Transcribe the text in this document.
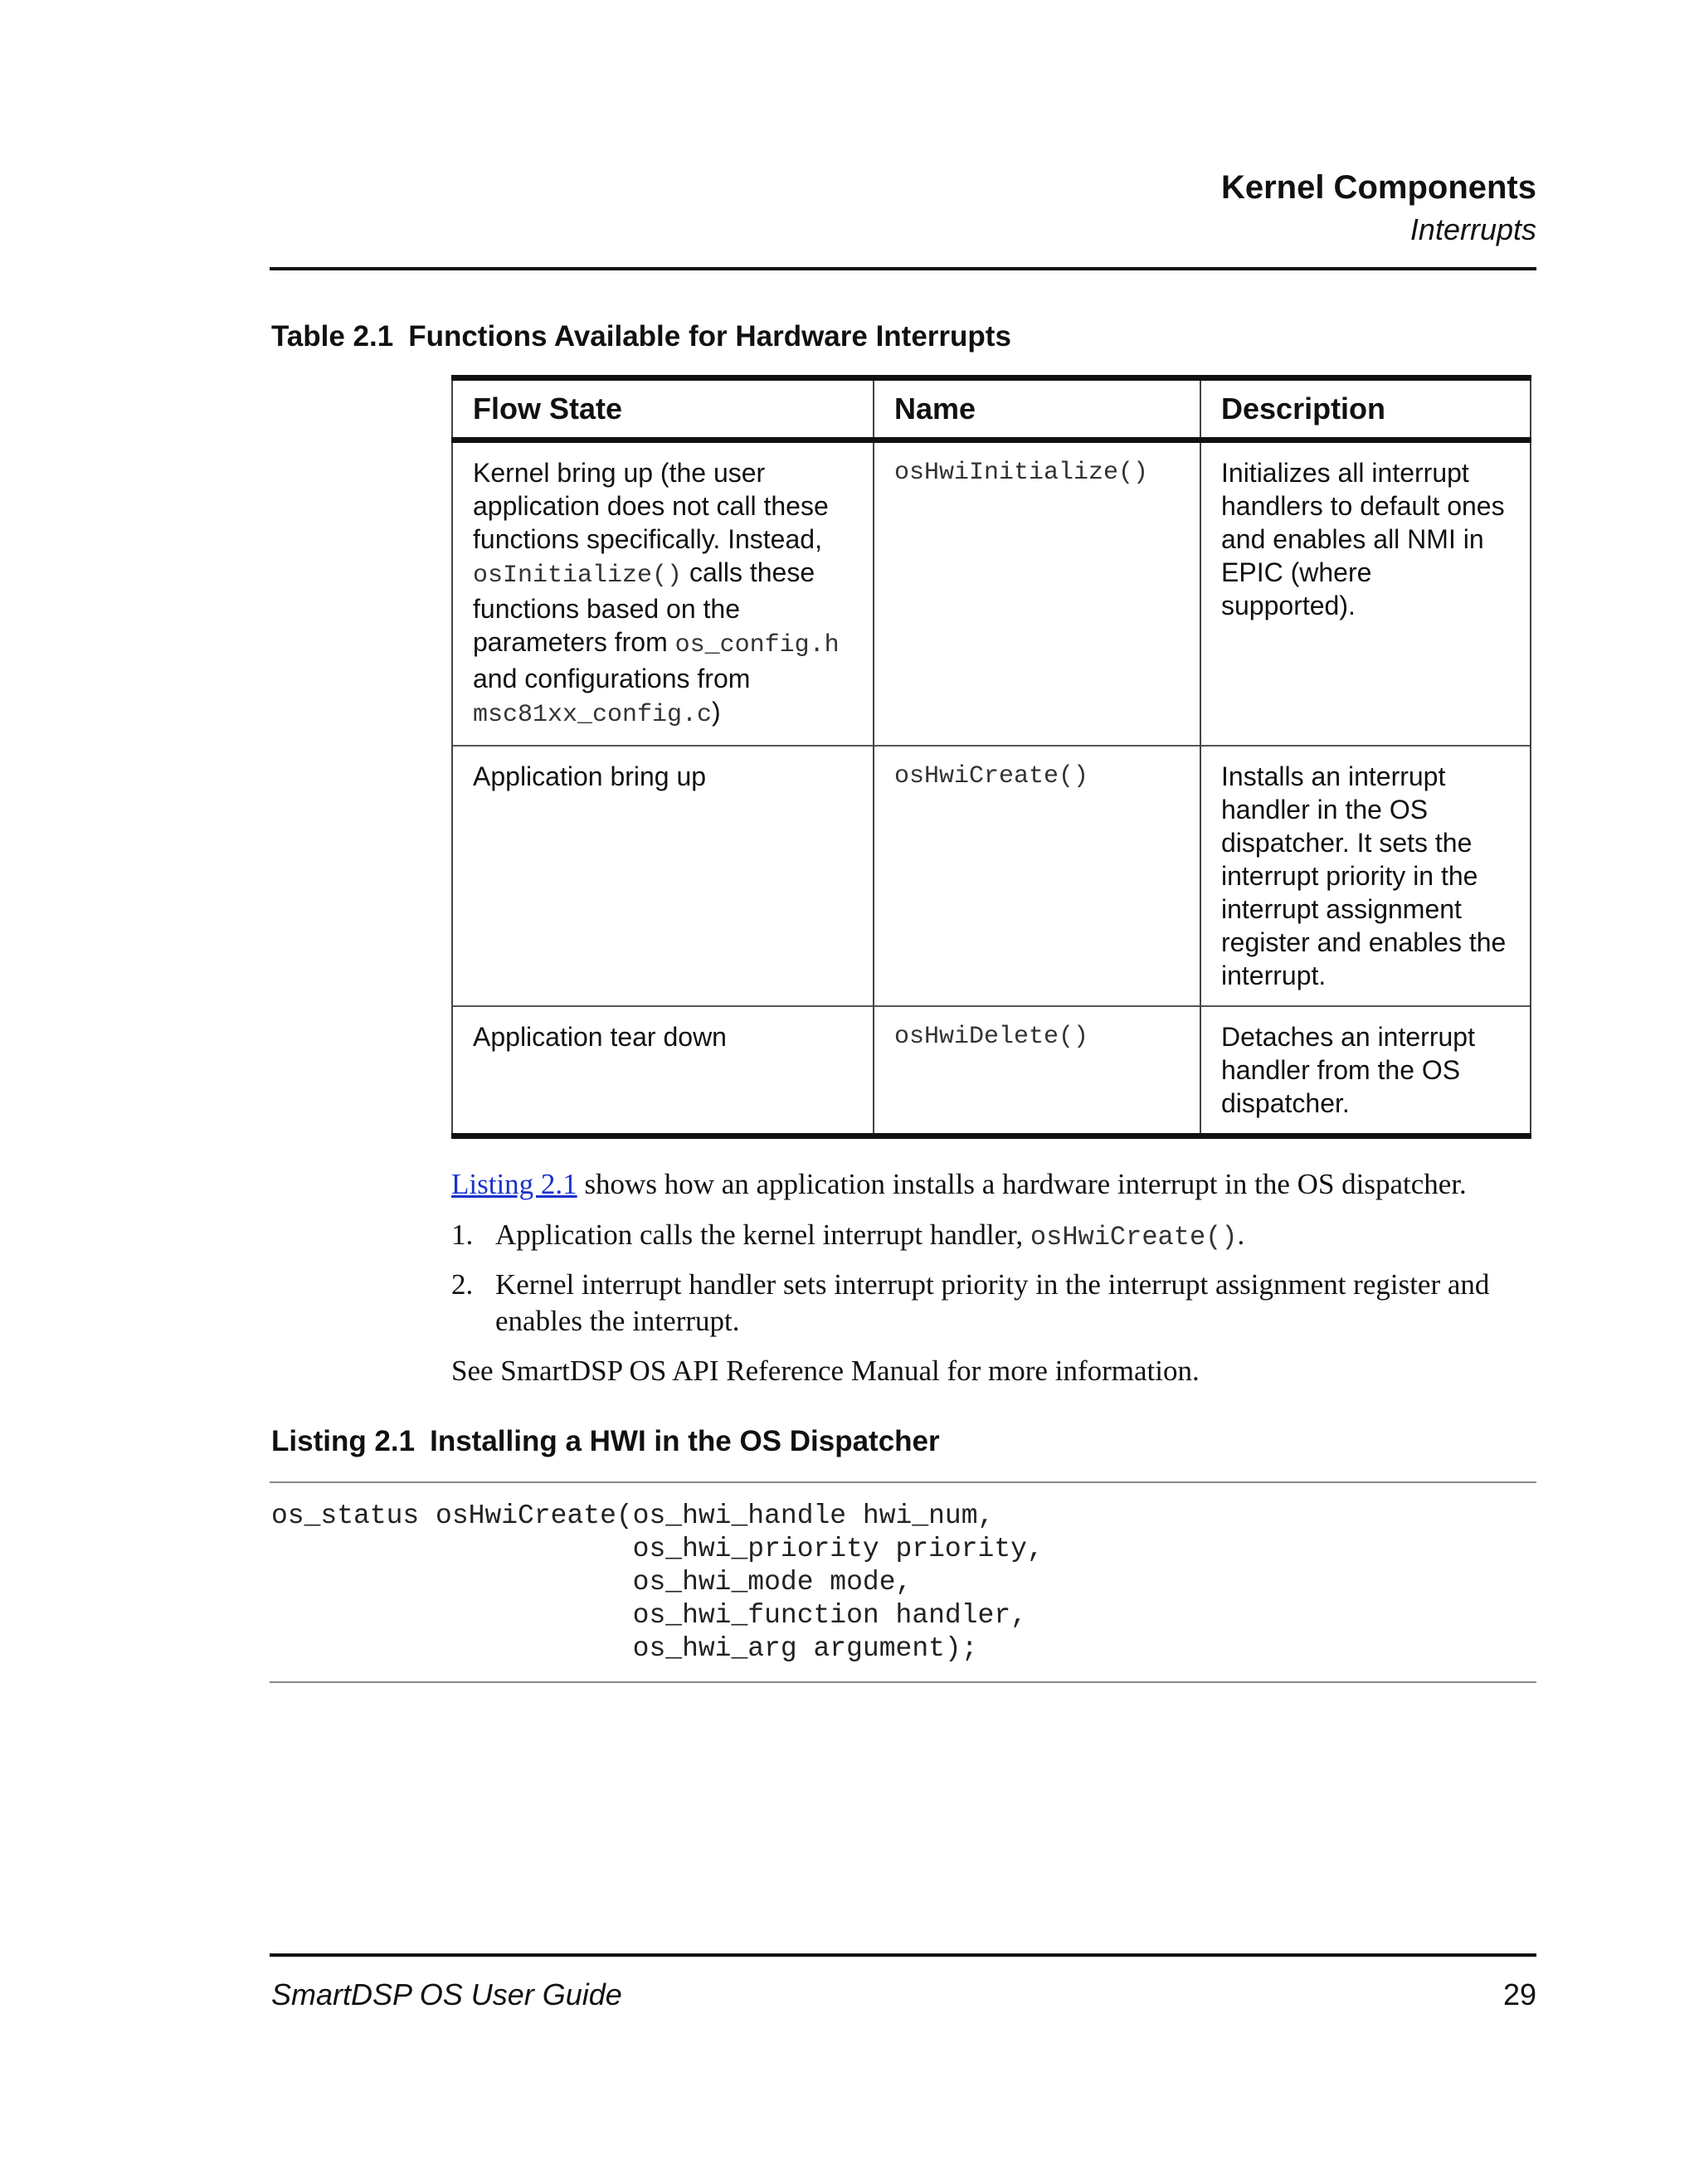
Kernel Components
Interrupts
Table 2.1 Functions Available for Hardware Interrupts
Flow State	Name	Description
Kernel bring up (the user application does not call these functions specifically. Instead, osInitialize() calls these functions based on the parameters from os_config.h and configurations from msc81xx_config.c)	osHwiInitialize()	Initializes all interrupt handlers to default ones and enables all NMI in EPIC (where supported).
Application bring up	osHwiCreate()	Installs an interrupt handler in the OS dispatcher. It sets the interrupt priority in the interrupt assignment register and enables the interrupt.
Application tear down	osHwiDelete()	Detaches an interrupt handler from the OS dispatcher.
Listing 2.1 shows how an application installs a hardware interrupt in the OS dispatcher.
1. Application calls the kernel interrupt handler, osHwiCreate().
2. Kernel interrupt handler sets interrupt priority in the interrupt assignment register and enables the interrupt.
See SmartDSP OS API Reference Manual for more information.
Listing 2.1 Installing a HWI in the OS Dispatcher
os_status osHwiCreate(os_hwi_handle hwi_num,
os_hwi_priority priority,
os_hwi_mode mode,
os_hwi_function handler,
os_hwi_arg argument);
SmartDSP OS User Guide	29
